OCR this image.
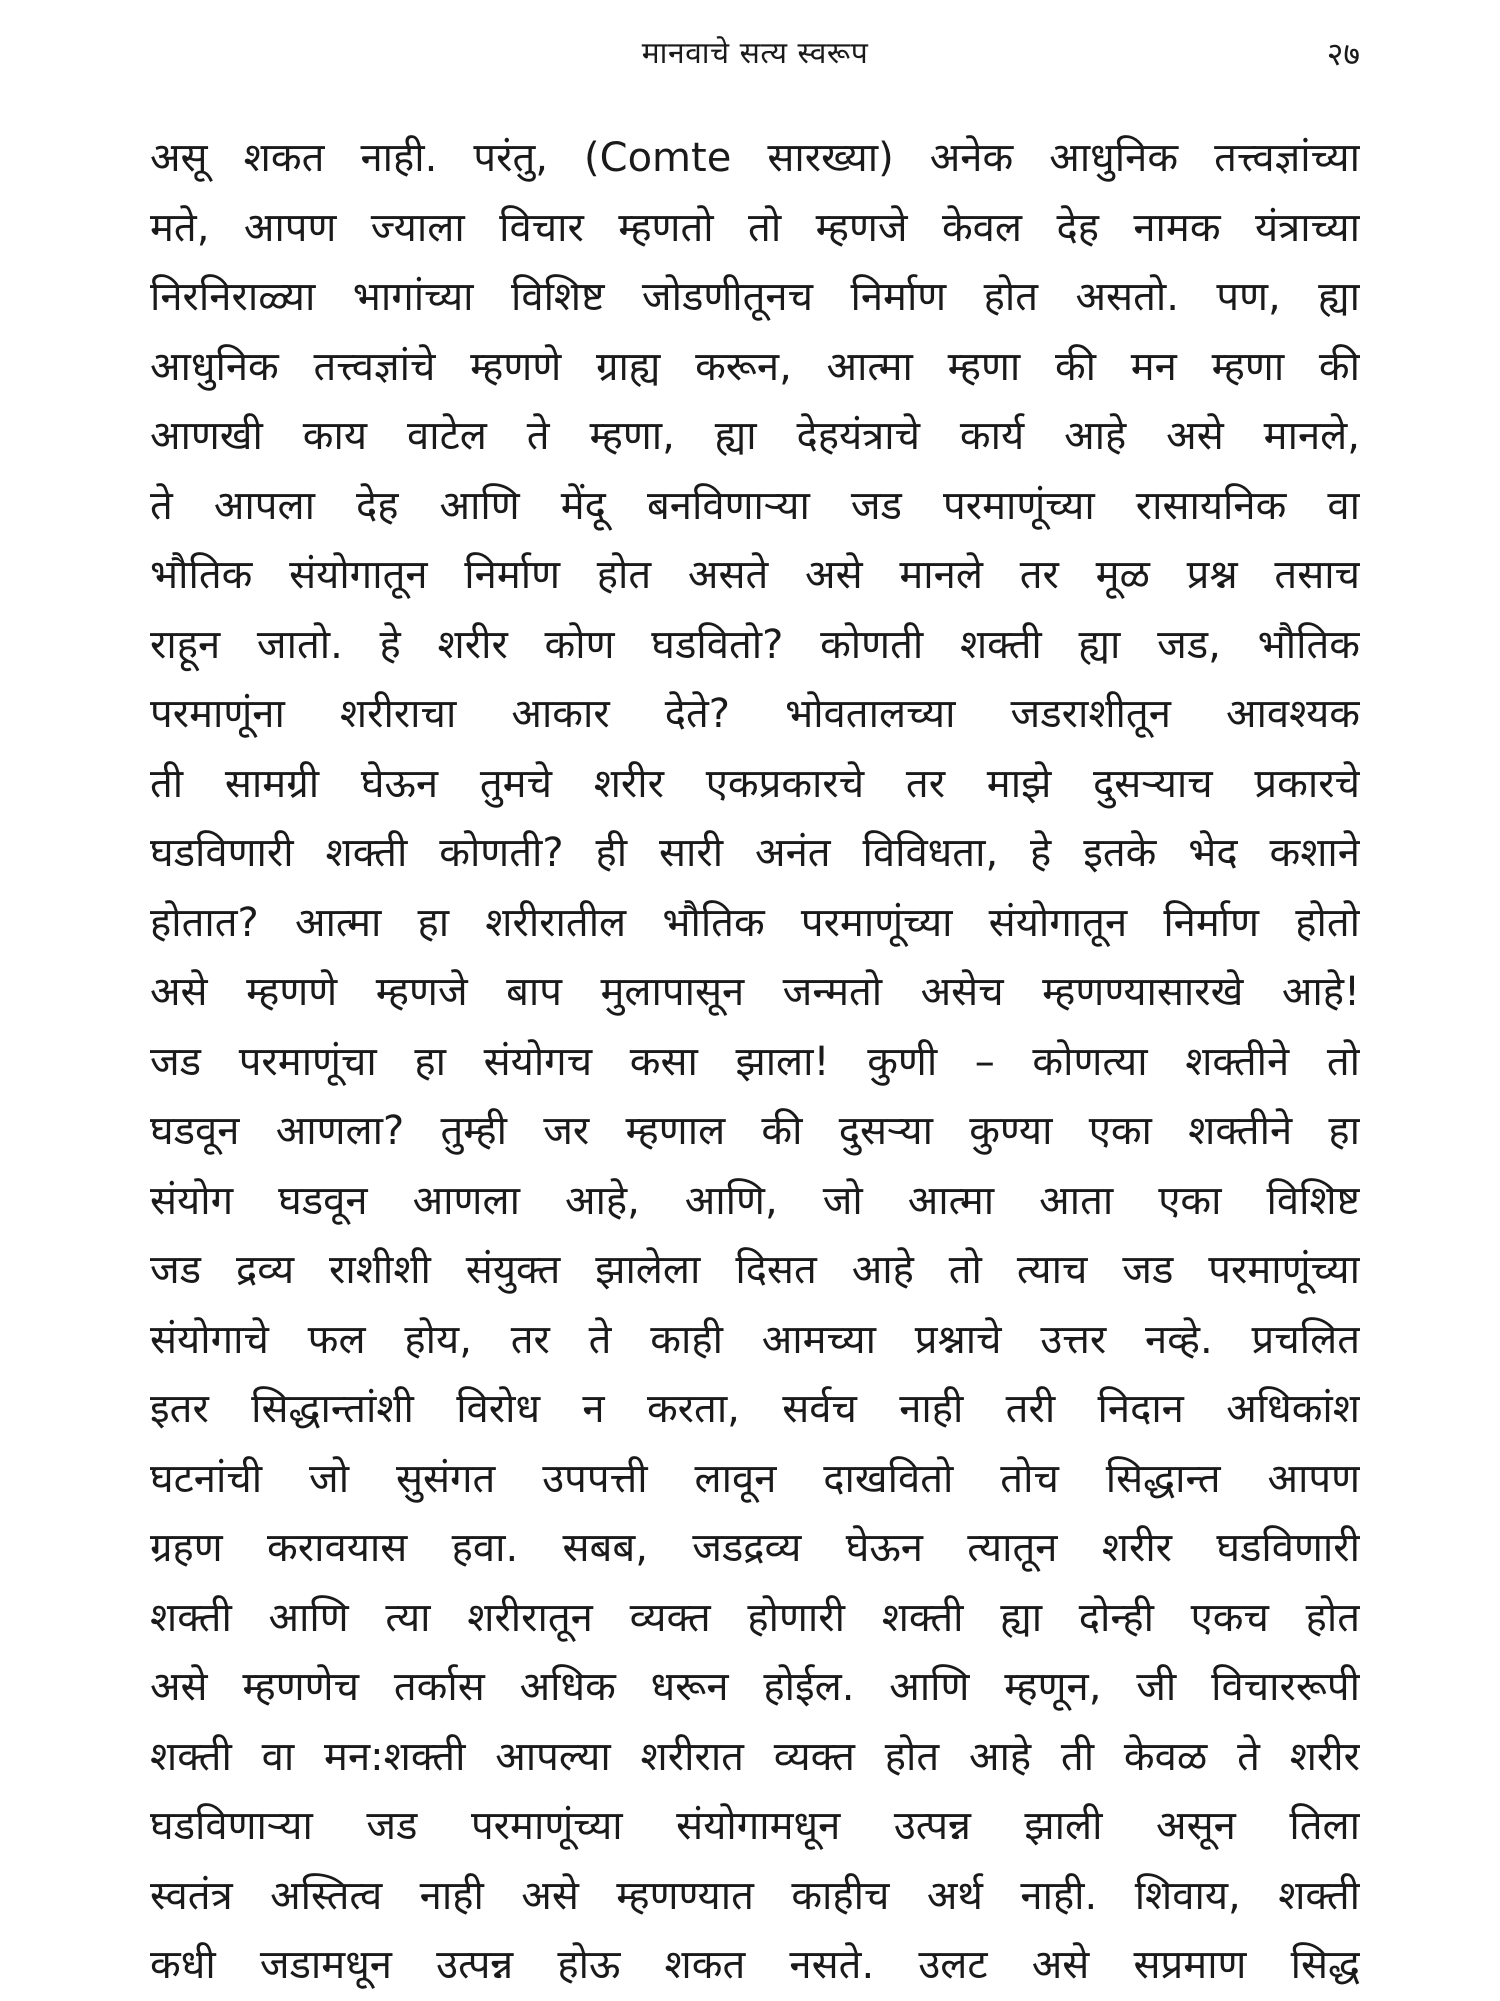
मानवाचे सत्य स्वरूप	२७
असू शकत नाही. परंतु, (Comte सारख्या) अनेक आधुनिक तत्त्वज्ञांच्या
मते, आपण ज्याला विचार म्हणतो तो म्हणजे केवल देह नामक यंत्राच्या
निरनिराळ्या भागांच्या विशिष्ट जोडणीतूनच निर्माण होत असतो. पण, ह्या
आधुनिक तत्त्वज्ञांचे म्हणणे ग्राह्य करून, आत्मा म्हणा की मन म्हणा की
आणखी काय वाटेल ते म्हणा, ह्या देहयंत्राचे कार्य आहे असे मानले,
ते आपला देह आणि मेंदू बनविणाऱ्या जड परमाणूंच्या रासायनिक वा
भौतिक संयोगातून निर्माण होत असते असे मानले तर मूळ प्रश्न तसाच
राहून जातो. हे शरीर कोण घडवितो? कोणती शक्ती ह्या जड, भौतिक
परमाणूंना शरीराचा आकार देते? भोवतालच्या जडराशीतून आवश्यक
ती सामग्री घेऊन तुमचे शरीर एकप्रकारचे तर माझे दुसऱ्याच प्रकारचे
घडविणारी शक्ती कोणती? ही सारी अनंत विविधता, हे इतके भेद कशाने
होतात? आत्मा हा शरीरातील भौतिक परमाणूंच्या संयोगातून निर्माण होतो
असे म्हणणे म्हणजे बाप मुलापासून जन्मतो असेच म्हणण्यासारखे आहे!
जड परमाणूंचा हा संयोगच कसा झाला! कुणी – कोणत्या शक्तीने तो
घडवून आणला? तुम्ही जर म्हणाल की दुसऱ्या कुण्या एका शक्तीने हा
संयोग घडवून आणला आहे, आणि, जो आत्मा आता एका विशिष्ट
जड द्रव्य राशीशी संयुक्त झालेला दिसत आहे तो त्याच जड परमाणूंच्या
संयोगाचे फल होय, तर ते काही आमच्या प्रश्नाचे उत्तर नव्हे. प्रचलित
इतर सिद्धान्तांशी विरोध न करता, सर्वच नाही तरी निदान अधिकांश
घटनांची जो सुसंगत उपपत्ती लावून दाखवितो तोच सिद्धान्त आपण
ग्रहण करावयास हवा. सबब, जडद्रव्य घेऊन त्यातून शरीर घडविणारी
शक्ती आणि त्या शरीरातून व्यक्त होणारी शक्ती ह्या दोन्ही एकच होत
असे म्हणणेच तर्कास अधिक धरून होईल. आणि म्हणून, जी विचाररूपी
शक्ती वा मन:शक्ती आपल्या शरीरात व्यक्त होत आहे ती केवळ ते शरीर
घडविणाऱ्या जड परमाणूंच्या संयोगामधून उत्पन्न झाली असून तिला
स्वतंत्र अस्तित्व नाही असे म्हणण्यात काहीच अर्थ नाही. शिवाय, शक्ती
कधी जडामधून उत्पन्न होऊ शकत नसते. उलट असे सप्रमाण सिद्ध
